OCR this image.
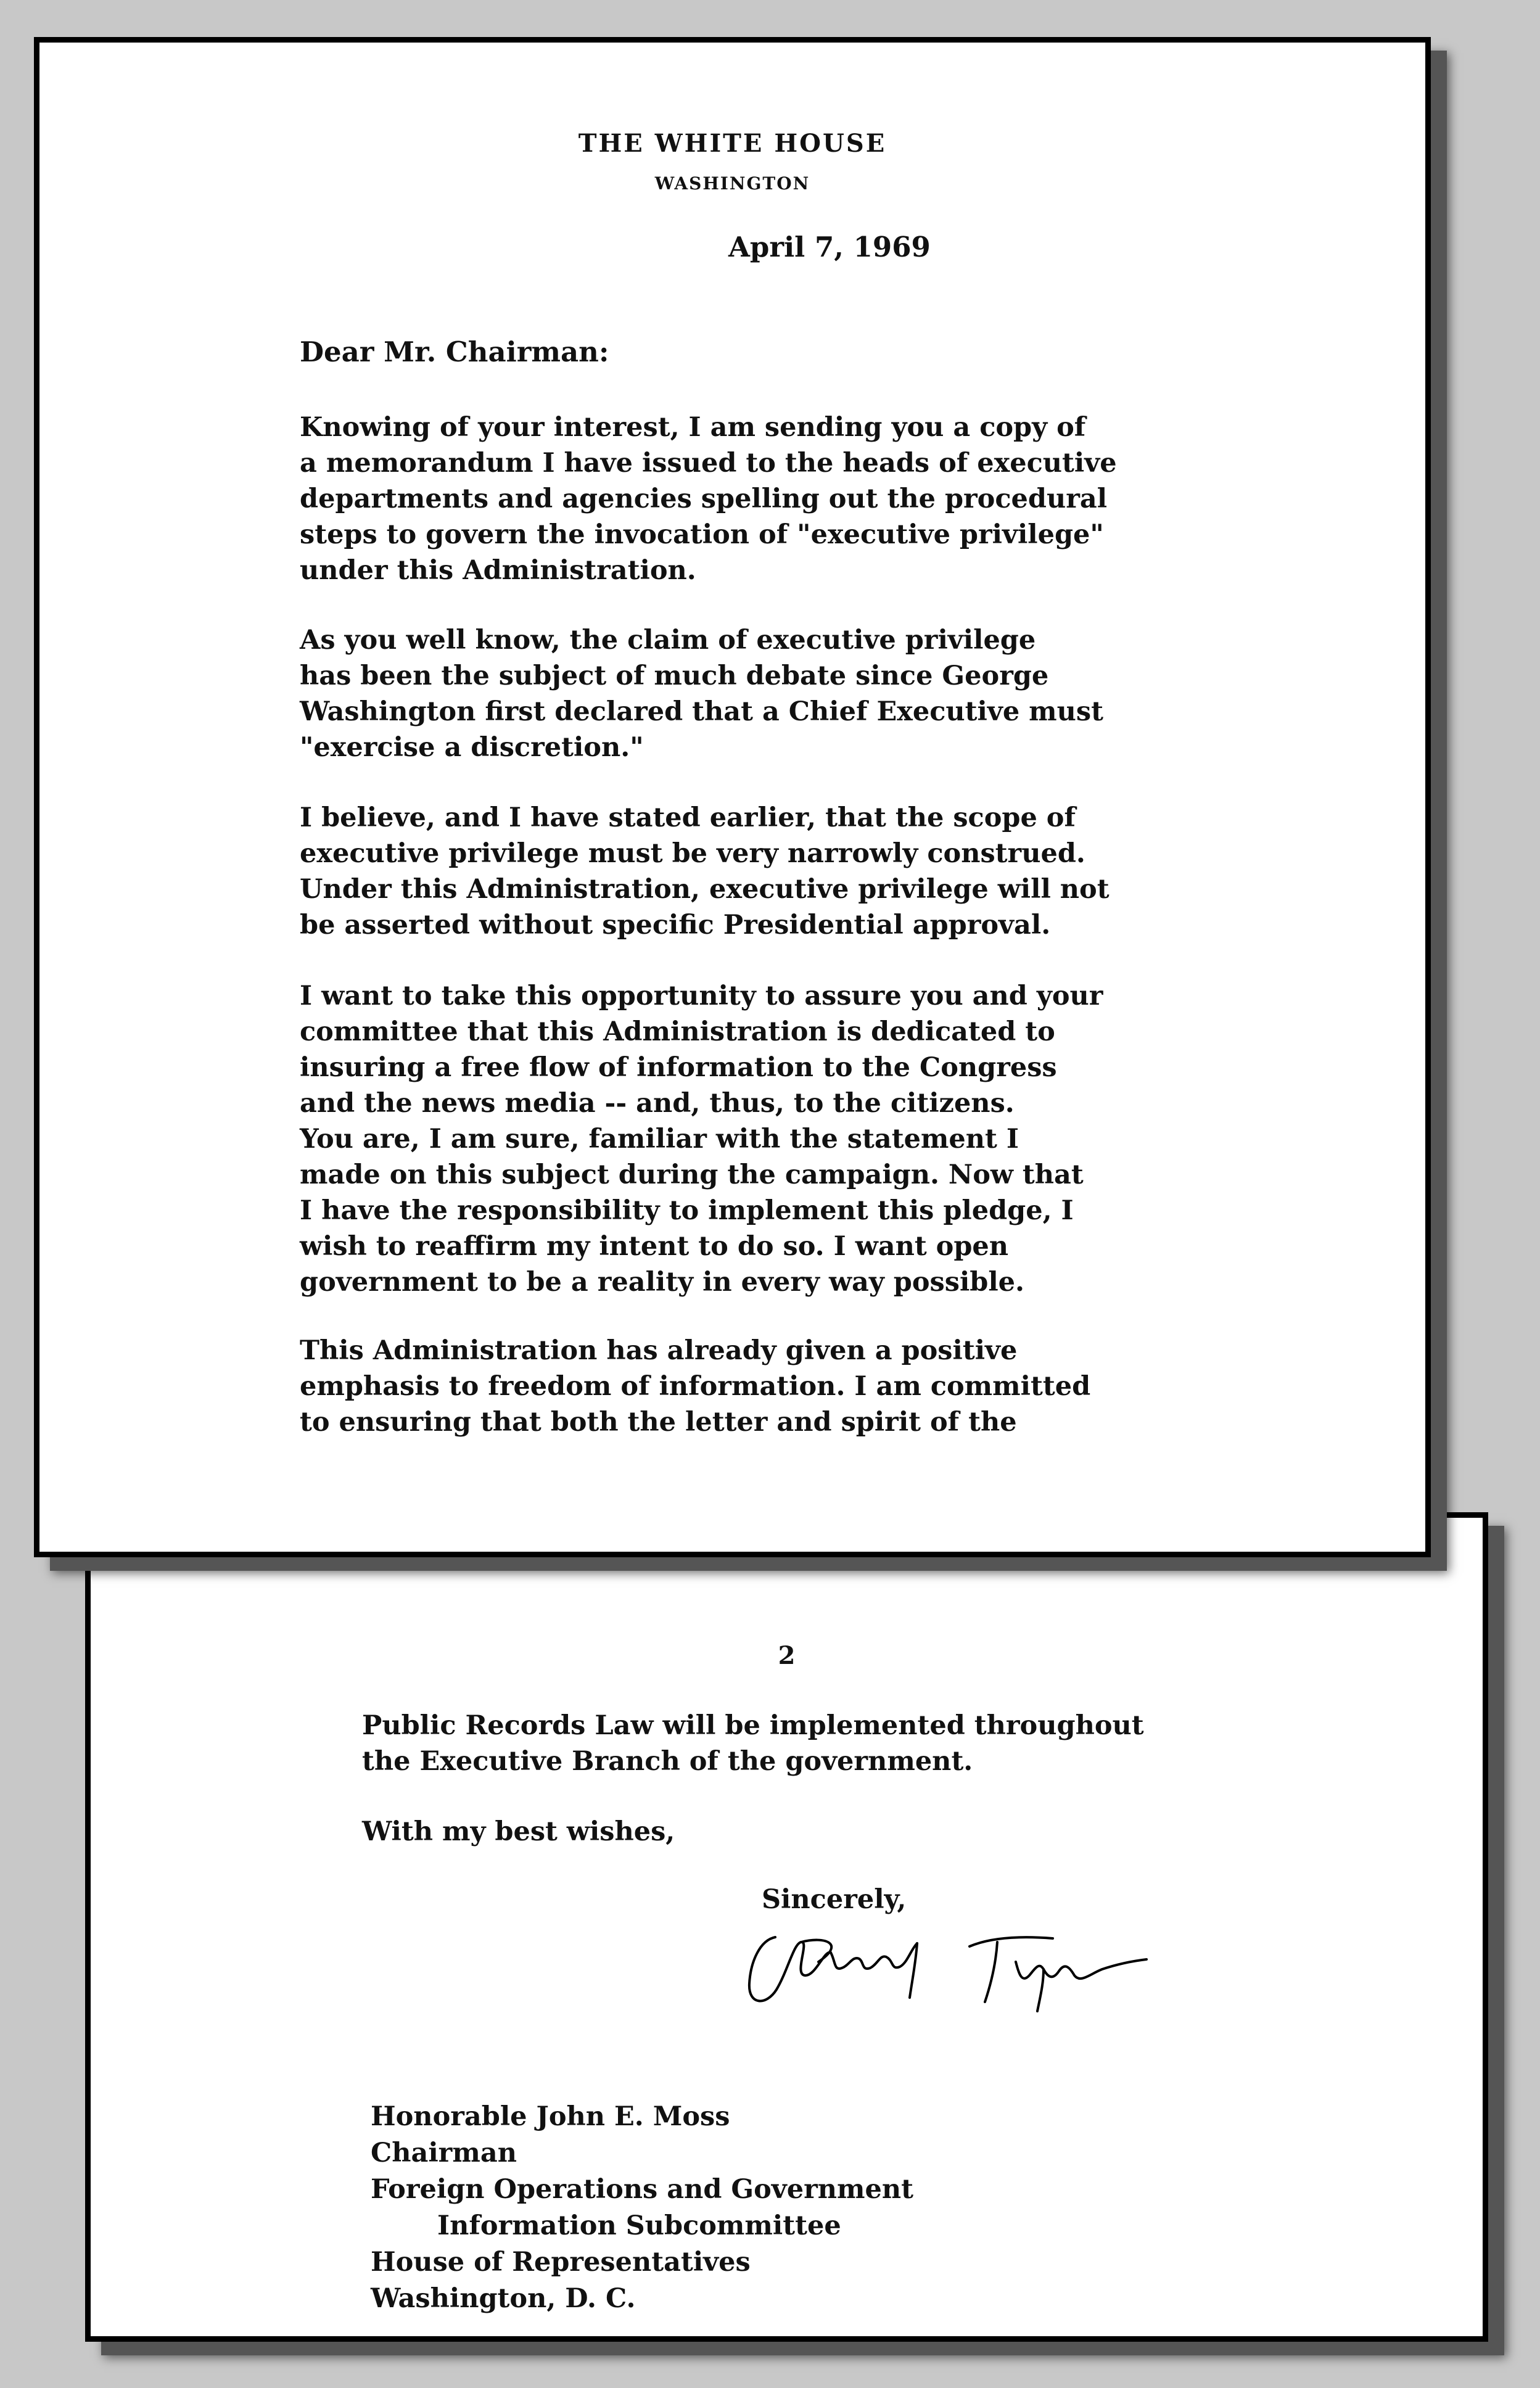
THE WHITE HOUSE
WASHINGTON
April 7, 1969
Dear Mr. Chairman:

Knowing of your interest, I am sending you a copy of
a memorandum I have issued to the heads of executive
departments and agencies spelling out the procedural
steps to govern the invocation of "executive privilege"
under this Administration.

As you well know, the claim of executive privilege
has been the subject of much debate since George
Washington first declared that a Chief Executive must
"exercise a discretion."

I believe, and I have stated earlier, that the scope of
executive privilege must be very narrowly construed.
Under this Administration, executive privilege will not
be asserted without specific Presidential approval.

I want to take this opportunity to assure you and your
committee that this Administration is dedicated to
insuring a free flow of information to the Congress
and the news media -- and, thus, to the citizens.
You are, I am sure, familiar with the statement I
made on this subject during the campaign. Now that
I have the responsibility to implement this pledge, I
wish to reaffirm my intent to do so. I want open
government to be a reality in every way possible.

This Administration has already given a positive
emphasis to freedom of information. I am committed
to ensuring that both the letter and spirit of the

2

Public Records Law will be implemented throughout
the Executive Branch of the government.

With my best wishes,
Sincerely,

Honorable John E. Moss
Chairman
Foreign Operations and Government
Information Subcommittee
House of Representatives
Washington, D. C.
